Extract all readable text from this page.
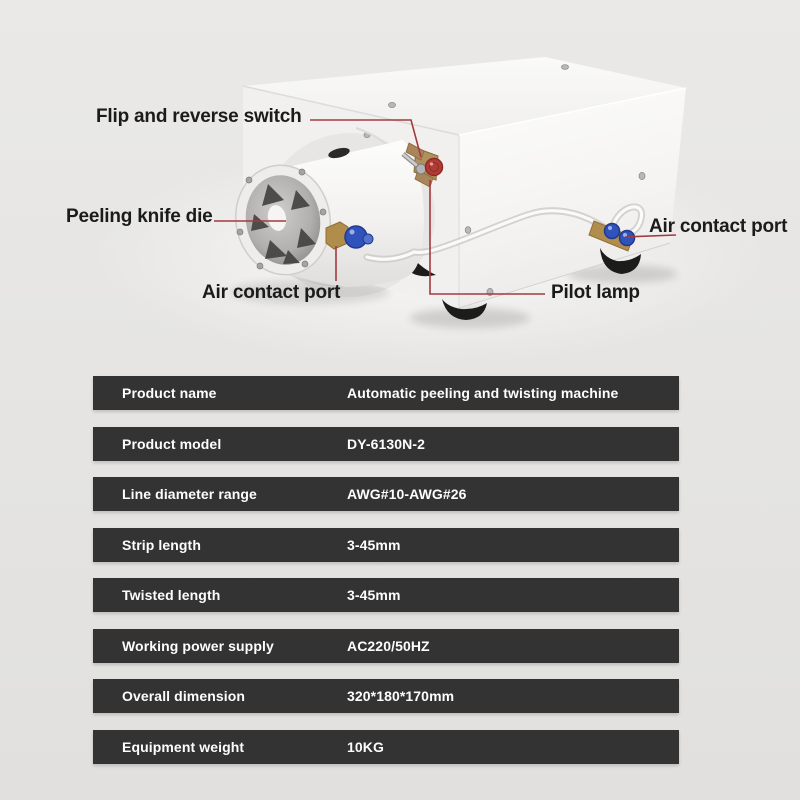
Flip and reverse switch
Peeling knife die
Air contact port	Pilot lamp
Air contact port
Product name	Automatic peeling and twisting machine
Product model	DY-6130N-2
Line diameter range	AWG#10-AWG#26
Strip length	3-45mm
Twisted length	3-45mm
Working power supply	AC220/50HZ
Overall dimension	320*180*170mm
Equipment weight	10KG
